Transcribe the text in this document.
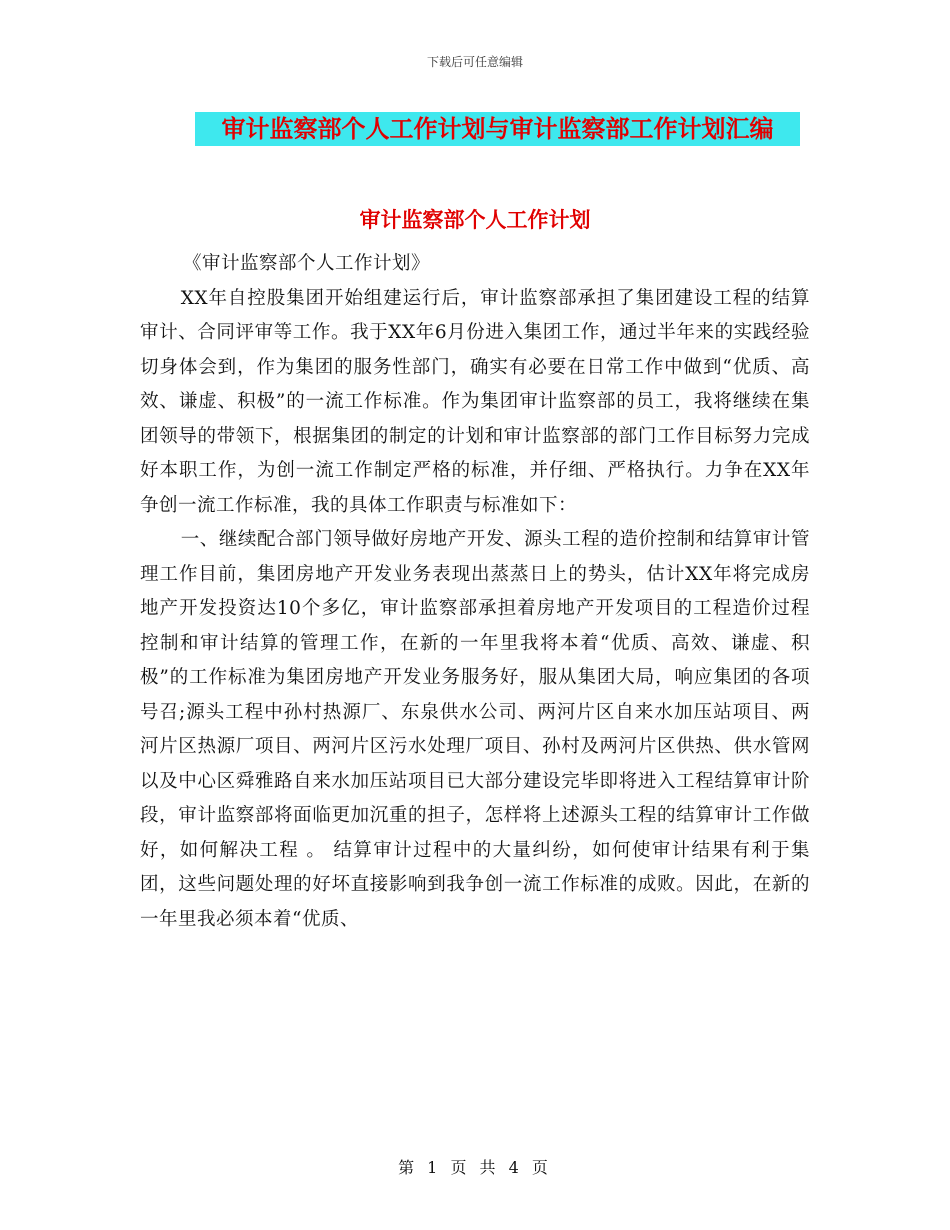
下载后可任意编辑
审计监察部个人工作计划与审计监察部工作计划汇编
审计监察部个人工作计划

《审计监察部个人工作计划》

XX年自控股集团开始组建运行后，审计监察部承担了集团建设工程的结算审计、合同评审等工作。我于XX年6月份进入集团工作，通过半年来的实践经验切身体会到，作为集团的服务性部门，确实有必要在日常工作中做到“优质、高效、谦虚、积极”的一流工作标准。作为集团审计监察部的员工，我将继续在集团领导的带领下，根据集团的制定的计划和审计监察部的部门工作目标努力完成好本职工作，为创一流工作制定严格的标准，并仔细、严格执行。力争在XX年争创一流工作标准，我的具体工作职责与标准如下：

一、继续配合部门领导做好房地产开发、源头工程的造价控制和结算审计管理工作目前，集团房地产开发业务表现出蒸蒸日上的势头，估计XX年将完成房地产开发投资达10个多亿，审计监察部承担着房地产开发项目的工程造价过程控制和审计结算的管理工作，在新的一年里我将本着“优质、高效、谦虚、积极”的工作标准为集团房地产开发业务服务好，服从集团大局，响应集团的各项号召;源头工程中孙村热源厂、东泉供水公司、两河片区自来水加压站项目、两河片区热源厂项目、两河片区污水处理厂项目、孙村及两河片区供热、供水管网以及中心区舜雅路自来水加压站项目已大部分建设完毕即将进入工程结算审计阶段，审计监察部将面临更加沉重的担子，怎样将上述源头工程的结算审计工作做好，如何解决工程 。 结算审计过程中的大量纠纷，如何使审计结果有利于集团，这些问题处理的好坏直接影响到我争创一流工作标准的成败。因此，在新的一年里我必须本着“优质、

第 1 页 共 4 页
